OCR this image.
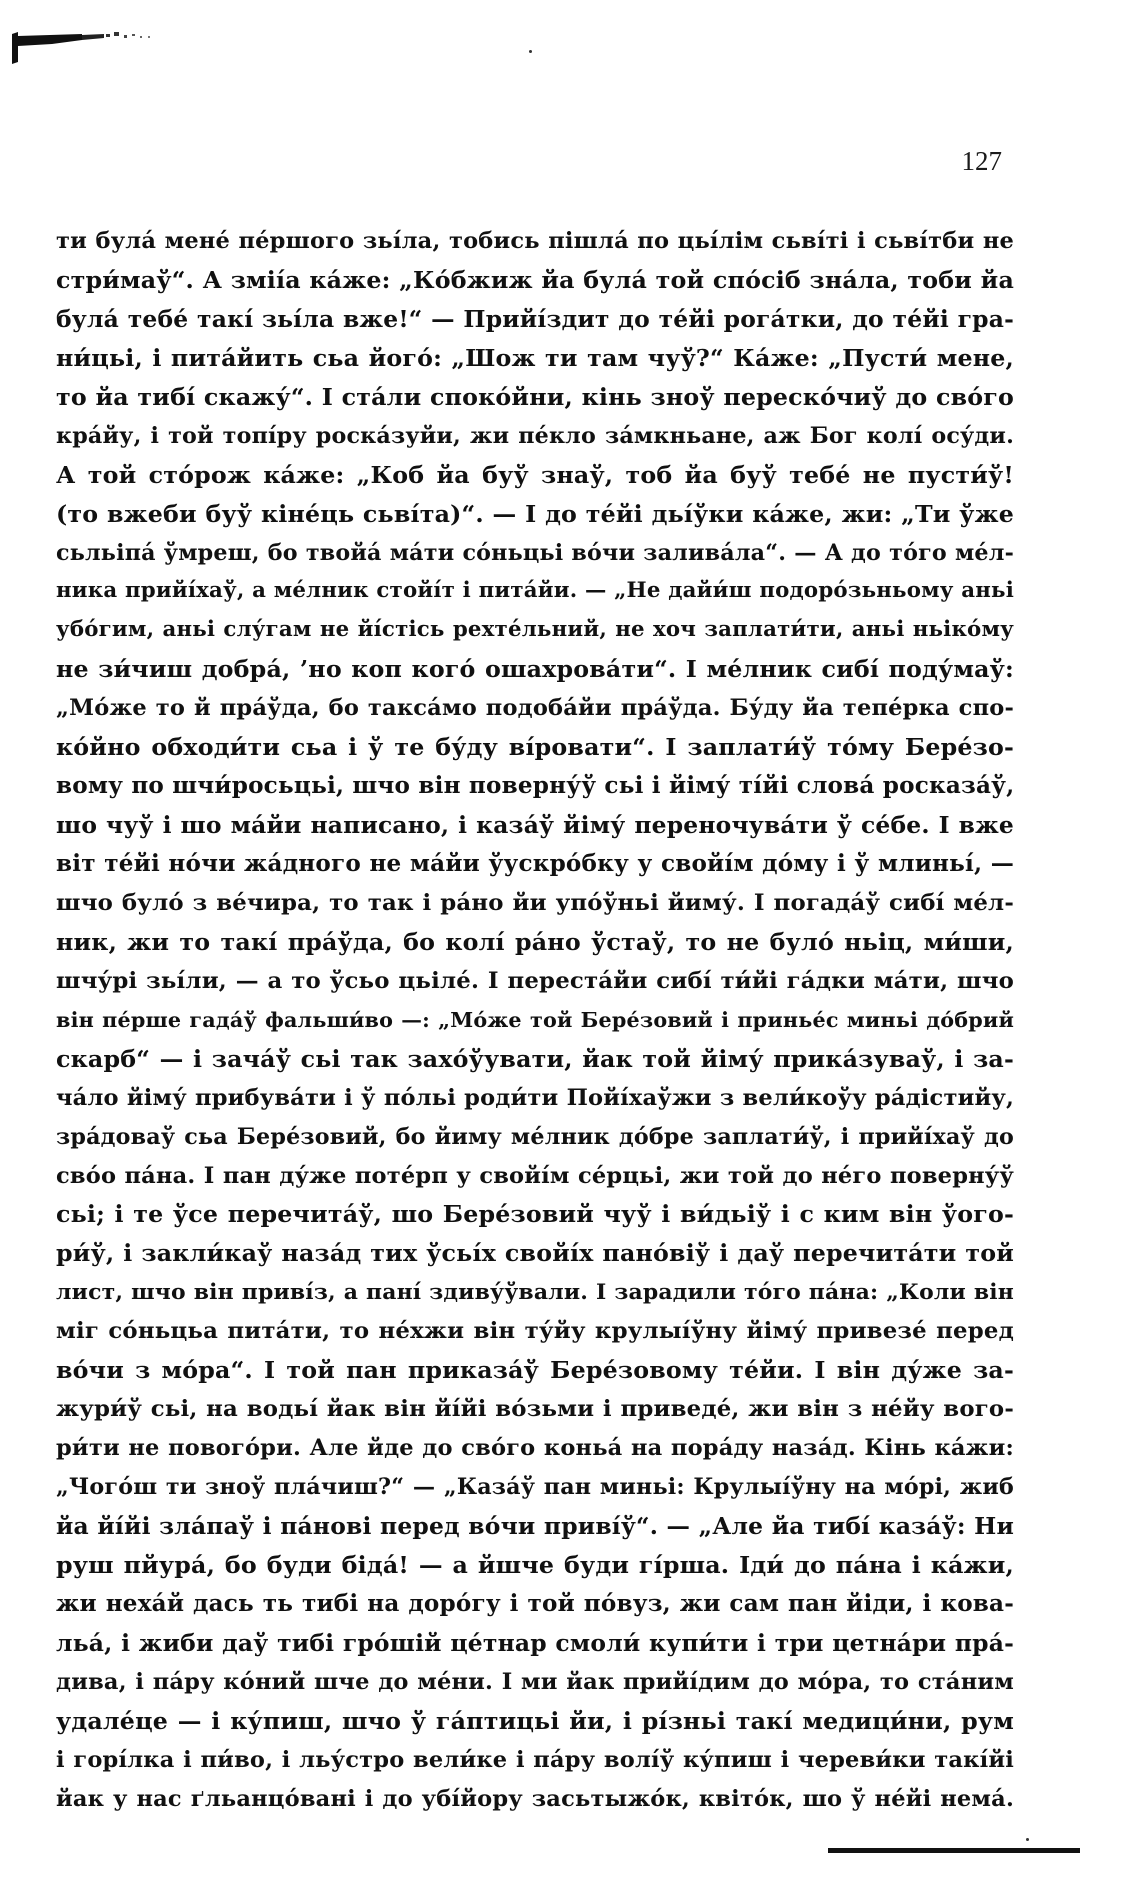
127
ти була́ мене́ пе́ршого зьі́ла, тобись пішла́ по цьі́лім сьві́ті і сьві́тби не
стри́маў“. А зміі́а ка́же: „Ко́бжиж йа була́ той спо́сіб зна́ла, тоби йа
була́ тебе́ такі́ зьі́ла вже!“ — Прийі́здит до те́йі рога́тки, до те́йі гра-
ни́цьі, і пита́йить сьа його́: „Шож ти там чуў?“ Ка́же: „Пусти́ мене,
то йа тибі́ скажу́“. І ста́ли споко́йни, кінь зноў переско́чиў до сво́го
кра́йу, і той топі́ру роска́зуйи, жи пе́кло за́мкньане, аж Бог колі́ осу́ди.
А той сто́рож ка́же: „Коб йа буў знаў, тоб йа буў тебе́ не пусти́ў!
(то вжеби буў кіне́ць сьві́та)“. — І до те́йі дьі́ўки ка́же, жи: „Ти ўже
сьльіпа́ ўмреш, бо твойа́ ма́ти со́ньцьі во́чи залива́ла“. — А до то́го ме́л-
ника прийі́хаў, а ме́лник стойі́т і пита́йи. — „Не дайи́ш подоро́зьньому аньі
убо́гим, аньі слу́гам не йі́стісь рехте́льний, не хоч заплати́ти, аньі ньіко́му
не зи́чиш добра́, ’но коп кого́ ошахрова́ти“. І ме́лник сибі́ поду́маў:
„Мо́же то й пра́ўда, бо такса́мо подоба́йи пра́ўда. Бу́ду йа тепе́рка спо-
ко́йно обходи́ти сьа і ў те бу́ду ві́ровати“. І заплати́ў то́му Бере́зо-
вому по шчи́росьцьі, шчо він поверну́ў сьі і йіму́ ті́йі слова́ росказа́ў,
шо чуў і шо ма́йи написано, і каза́ў йіму́ переночува́ти ў се́бе. І вже
віт те́йі но́чи жа́дного не ма́йи ўускро́бку у свойі́м до́му і ў млиньі́, —
шчо було́ з ве́чира, то так і ра́но йи упо́ўньі йиму́. І погада́ў сибі́ ме́л-
ник, жи то такі́ пра́ўда, бо колі́ ра́но ўстаў, то не було́ ньіц, ми́ши,
шчу́рі зьі́ли, — а то ўсьо цьіле́. І переста́йи сибі́ ти́йі га́дки ма́ти, шчо
він пе́рше гада́ў фальши́во —: „Мо́же той Бере́зовий і принье́с миньі до́брий
скарб“ — і зача́ў сьі так захо́ўувати, йак той йіму́ прика́зуваў, і за-
ча́ло йіму́ прибува́ти і ў по́льі роди́ти Пойі́хаўжи з вели́коўу ра́дістийу,
зра́доваў сьа Бере́зовий, бо йиму ме́лник до́бре заплати́ў, і прийі́хаў до
сво́о па́на. І пан ду́же поте́рп у свойі́м се́рцьі, жи той до не́го поверну́ў
сьі; і те ўсе перечита́ў, шо Бере́зовий чуў і ви́дьіў і с ким він ўого-
ри́ў, і закли́каў наза́д тих ўсьі́х свойі́х пано́віў і даў перечита́ти той
лист, шчо він приві́з, а пані́ здиву́ўвали. І зарадили то́го па́на: „Коли він
міг со́ньцьа пита́ти, то не́хжи він ту́йу крулыі́ўну йіму́ привезе́ перед
во́чи з мо́ра“. І той пан приказа́ў Бере́зовому те́йи. І він ду́же за-
жури́ў сьі, на водьі́ йак він йі́йі во́зьми і приведе́, жи він з не́йу вого-
ри́ти не пового́ри. Але йде до сво́го коньа́ на пора́ду наза́д. Кінь ка́жи:
„Чого́ш ти зноў пла́чиш?“ — „Каза́ў пан миньі: Крулыі́ўну на мо́рі, жиб
йа йі́йі зла́паў і па́нові перед во́чи приві́ў“. — „Але йа тибі́ каза́ў: Ни
руш пйура́, бо буди біда́! — а йшче буди гі́рша. Іди́ до па́на і ка́жи,
жи неха́й дась ть тибі на доро́гу і той по́вуз, жи сам пан йіди, і кова-
льа́, і жиби даў тибі гро́шій це́тнар смоли́ купи́ти і три цетна́ри пра́-
дива, і па́ру ко́ний шче до ме́ни. І ми йак прийі́дим до мо́ра, то ста́ним
удале́це — і ку́пиш, шчо ў га́птицьі йи, і рі́зньі такі́ медици́ни, рум
і горі́лка і пи́во, і льу́стро вели́ке і па́ру волі́ў ку́пиш і череви́ки такі́йі
йак у нас ґльанцо́вані і до убі́йору засьтыжо́к, квіто́к, шо ў не́йі нема́.
